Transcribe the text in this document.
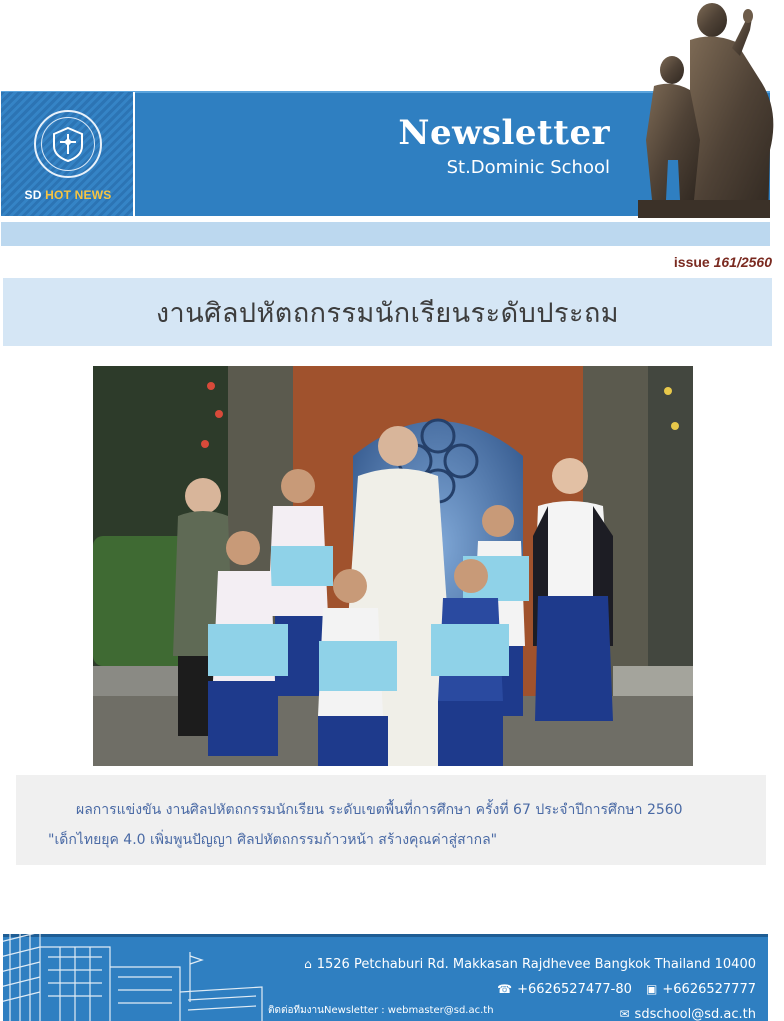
Newsletter
St.Dominic School
SD HOT NEWS
issue 161/2560
งานศิลปหัตถกรรมนักเรียนระดับประถม

ผลการแข่งขัน งานศิลปหัตถกรรมนักเรียน ระดับเขตพื้นที่การศึกษา ครั้งที่ 67 ประจำปีการศึกษา 2560

"เด็กไทยยุค 4.0 เพิ่มพูนปัญญา ศิลปหัตถกรรมก้าวหน้า สร้างคุณค่าสู่สากล"

⌂ 1526 Petchaburi Rd. Makkasan Rajdhevee Bangkok Thailand 10400
☎ +6626527477-80 ▣ +6626527777
✉ sdschool@sd.ac.th
ติดต่อทีมงานNewsletter : webmaster@sd.ac.th
